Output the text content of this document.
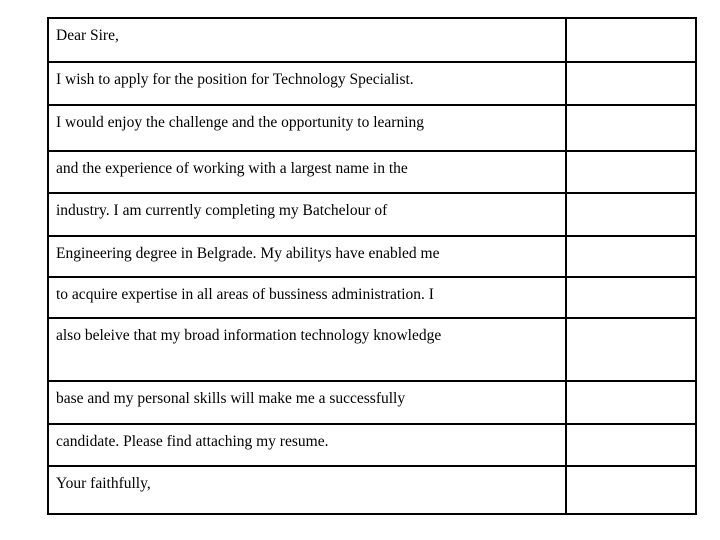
Dear Sire,	
I wish to apply for the position for Technology Specialist.	
I would enjoy the challenge and the opportunity to learning	
and the experience of working with a largest name in the	
industry. I am currently completing my Batchelour of	
Engineering degree in Belgrade. My abilitys have enabled me	
to acquire expertise in all areas of bussiness administration. I	
also beleive that my broad information technology knowledge	
base and my personal skills will make me a successfully	
candidate. Please find attaching my resume.	
Your faithfully,	
